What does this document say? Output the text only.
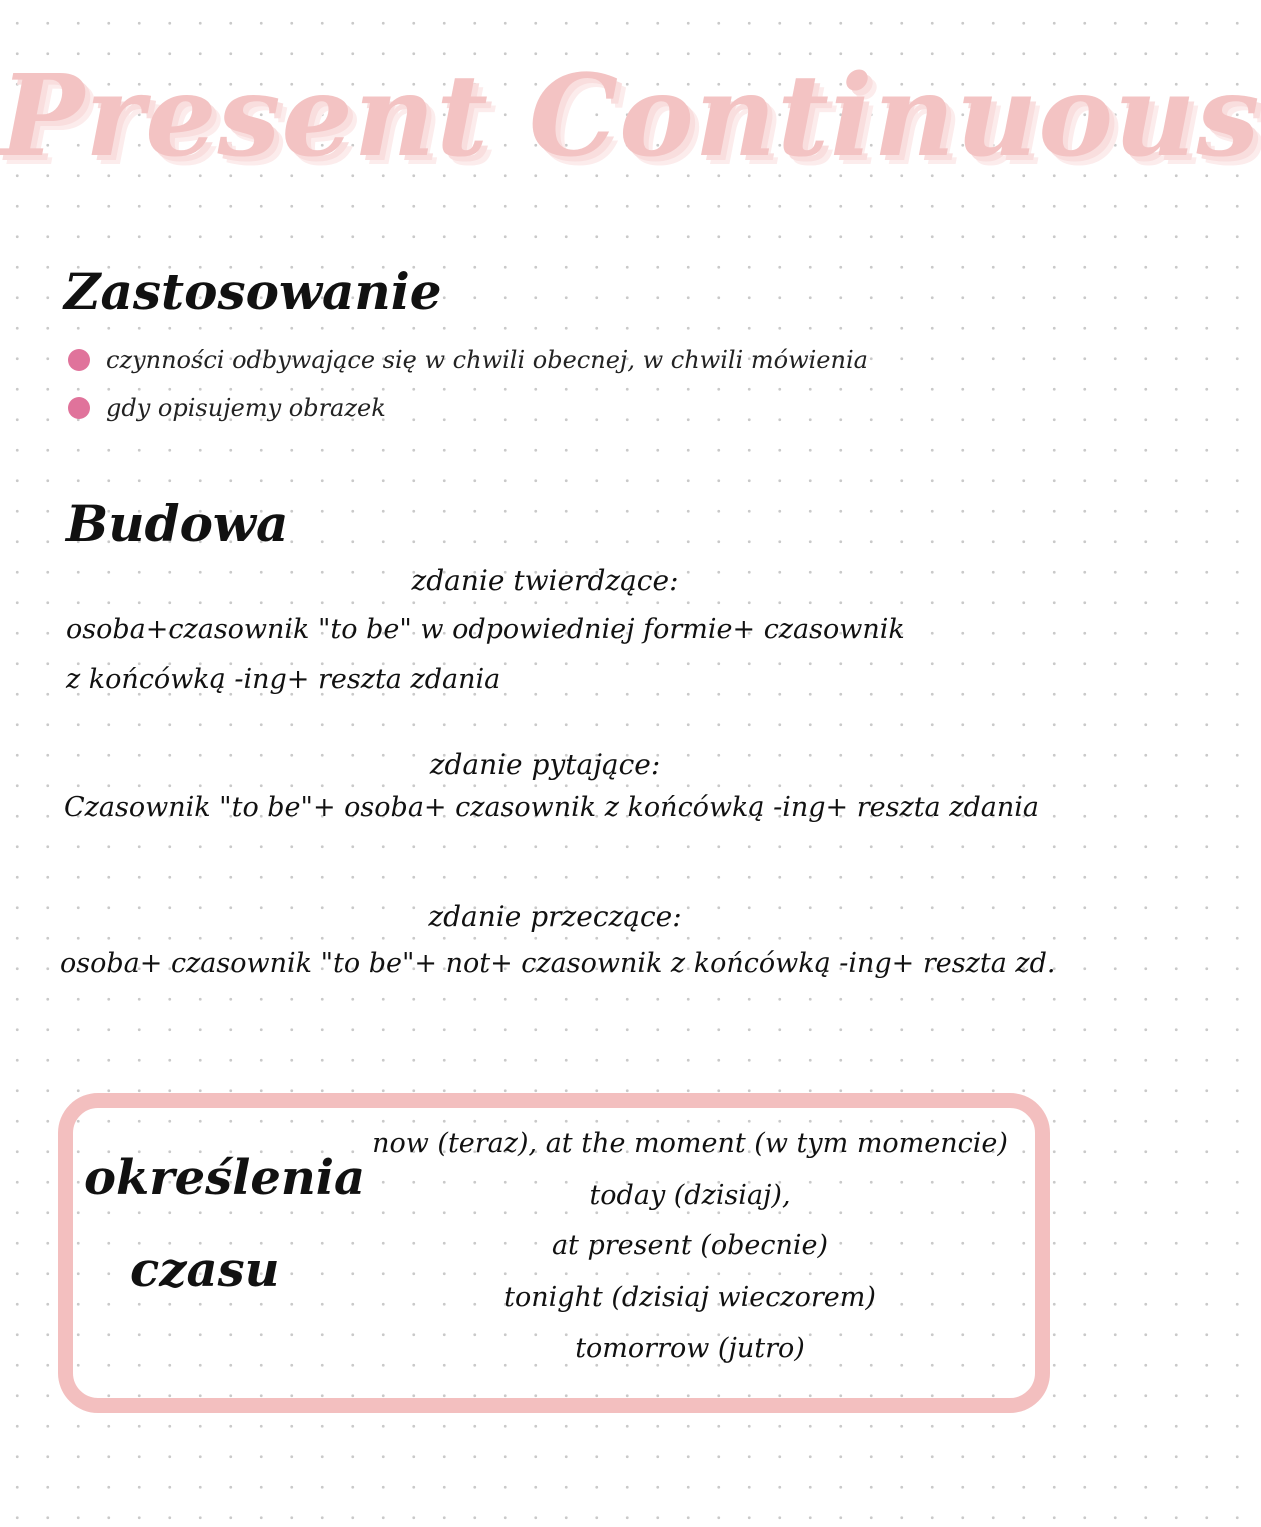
Present Continuous
Zastosowanie
czynności odbywające się w chwili obecnej, w chwili mówienia
gdy opisujemy obrazek
Budowa
zdanie twierdzące:
osoba+czasownik "to be" w odpowiedniej formie+ czasownik
z końcówką -ing+ reszta zdania
zdanie pytające:
Czasownik "to be"+ osoba+ czasownik z końcówką -ing+ reszta zdania
zdanie przeczące:
osoba+ czasownik "to be"+ not+ czasownik z końcówką -ing+ reszta zd.
określenia
czasu
now (teraz), at the moment (w tym momencie)
today (dzisiaj),
at present (obecnie)
tonight (dzisiaj wieczorem)
tomorrow (jutro)
